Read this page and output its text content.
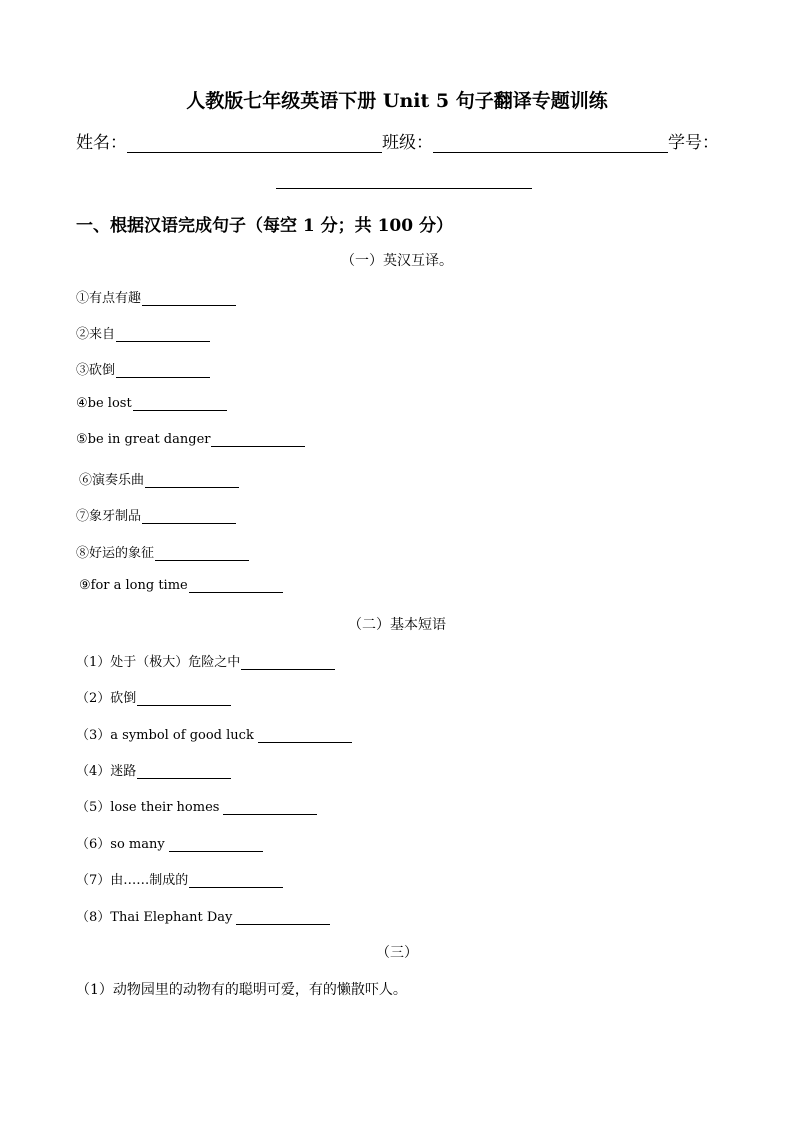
人教版七年级英语下册 Unit 5 句子翻译专题训练
姓名：	班级：	学号：
一、根据汉语完成句子（每空 1 分；共 100 分）
（一）英汉互译。
①有点有趣
②来自
③砍倒
④be lost
⑤be in great danger
⑥演奏乐曲
⑦象牙制品
⑧好运的象征
⑨for a long time
（二）基本短语
（1）处于（极大）危险之中
（2）砍倒
（3）a symbol of good luck
（4）迷路
（5）lose their homes
（6）so many
（7）由……制成的
（8）Thai Elephant Day
（三）
（1）动物园里的动物有的聪明可爱，有的懒散吓人。
